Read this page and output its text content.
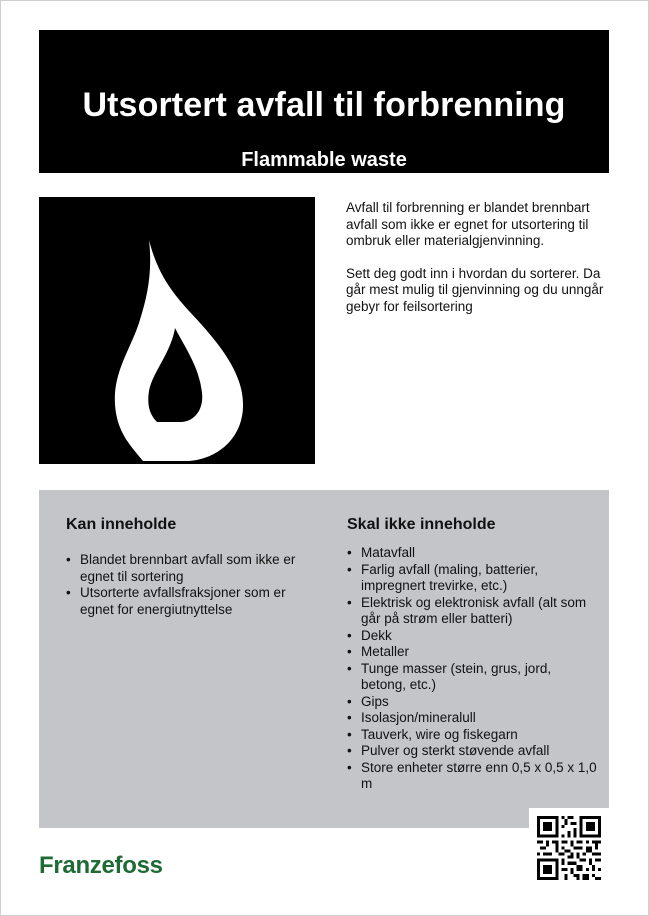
Utsortert avfall til forbrenning
Flammable waste

Avfall til forbrenning er blandet brennbart avfall som ikke er egnet for utsortering til ombruk eller materialgjenvinning.

Sett deg godt inn i hvordan du sorterer. Da går mest mulig til gjenvinning og du unngår gebyr for feilsortering

Kan inneholde
• Blandet brennbart avfall som ikke er egnet til sortering
• Utsorterte avfallsfraksjoner som er egnet for energiutnyttelse
Skal ikke inneholde
• Matavfall
• Farlig avfall (maling, batterier, impregnert trevirke, etc.)
• Elektrisk og elektronisk avfall (alt som går på strøm eller batteri)
• Dekk
• Metaller
• Tunge masser (stein, grus, jord, betong, etc.)
• Gips
• Isolasjon/mineralull
• Tauverk, wire og fiskegarn
• Pulver og sterkt støvende avfall
• Store enheter større enn 0,5 x 0,5 x 1,0 m
Franzefoss
